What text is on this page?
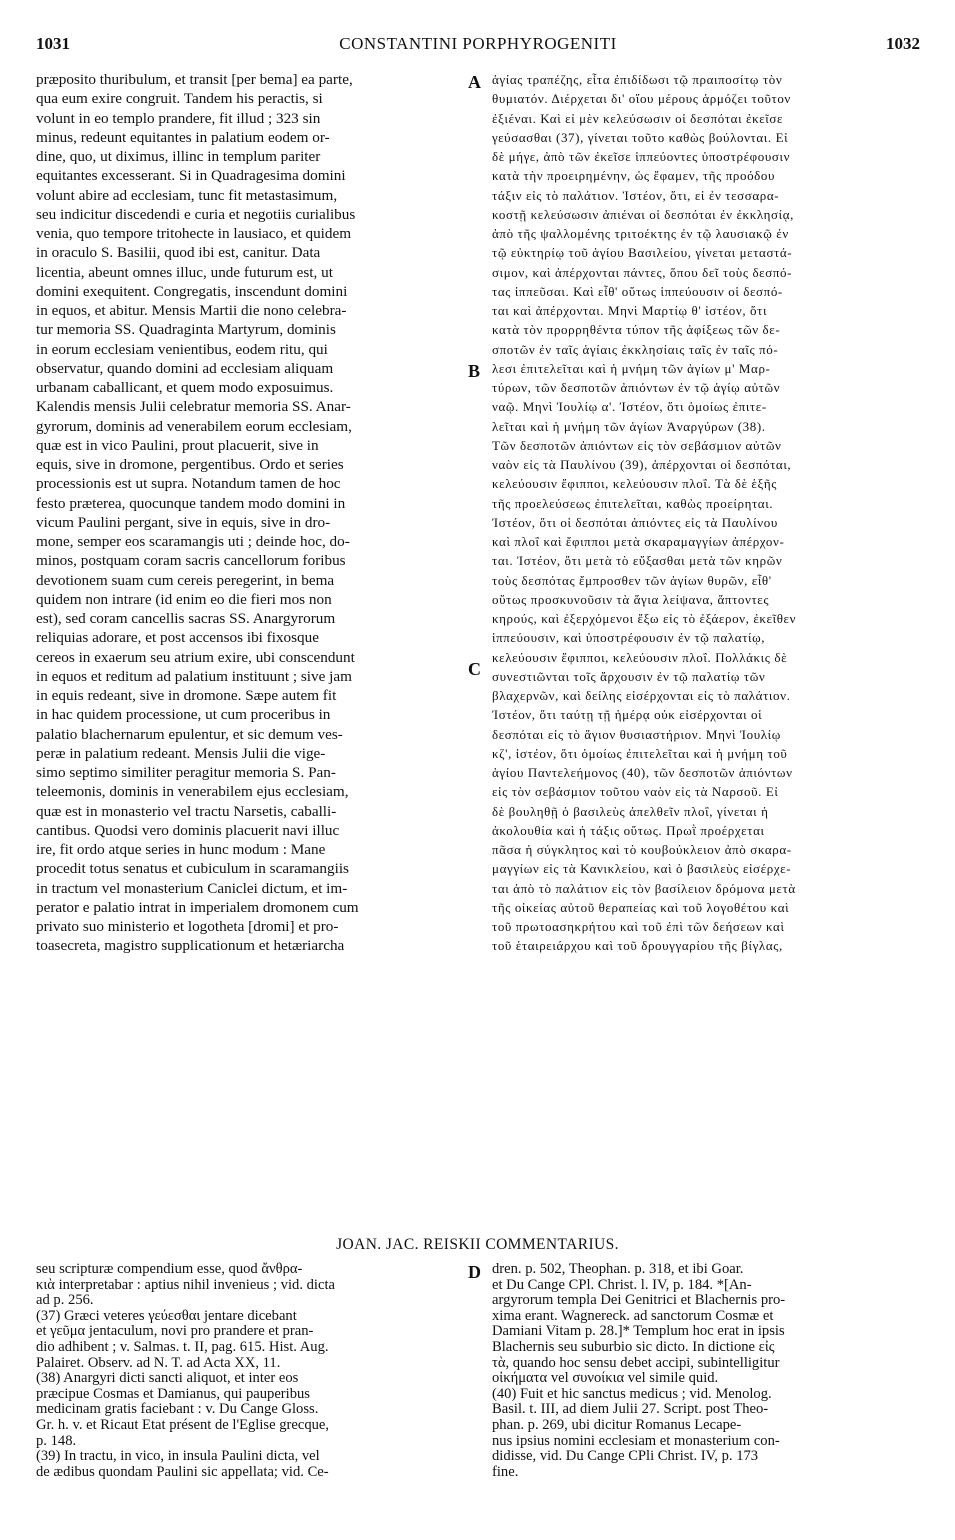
1031	CONSTANTINI PORPHYROGENITI	1032
præposito thuribulum, et transit [per bema] ea parte,
qua eum exire congruit. Tandem his peractis, si
volunt in eo templo prandere, fit illud ; 323 sin
minus, redeunt equitantes in palatium eodem or-
dine, quo, ut diximus, illinc in templum pariter
equitantes excesserant. Si in Quadragesima domini
volunt abire ad ecclesiam, tunc fit metastasimum,
seu indicitur discedendi e curia et negotiis curialibus
venia, quo tempore tritohecte in lausiaco, et quidem
in oraculo S. Basilii, quod ibi est, canitur. Data
licentia, abeunt omnes illuc, unde futurum est, ut
domini exequitent. Congregatis, inscendunt domini
in equos, et abitur. Mensis Martii die nono celebra-
tur memoria SS. Quadraginta Martyrum, dominis
in eorum ecclesiam venientibus, eodem ritu, qui
observatur, quando domini ad ecclesiam aliquam
urbanam caballicant, et quem modo exposuimus.
Kalendis mensis Julii celebratur memoria SS. Anar-
gyrorum, dominis ad venerabilem eorum ecclesiam,
quæ est in vico Paulini, prout placuerit, sive in
equis, sive in dromone, pergentibus. Ordo et series
processionis est ut supra. Notandum tamen de hoc
festo prӕterea, quocunque tandem modo domini in
vicum Paulini pergant, sive in equis, sive in dro-
mone, semper eos scaramangis uti ; deinde hoc, do-
minos, postquam coram sacris cancellorum foribus
devotionem suam cum cereis peregerint, in bema
quidem non intrare (id enim eo die fieri mos non
est), sed coram cancellis sacras SS. Anargyrorum
reliquias adorare, et post accensos ibi fixosque
cereos in exaerum seu atrium exire, ubi conscendunt
in equos et reditum ad palatium instituunt ; sive jam
in equis redeant, sive in dromone. Sæpe autem fit
in hac quidem processione, ut cum proceribus in
palatio blachernarum epulentur, et sic demum ves-
peræ in palatium redeant. Mensis Julii die vige-
simo septimo similiter peragitur memoria S. Pan-
teleemonis, dominis in venerabilem ejus ecclesiam,
quæ est in monasterio vel tractu Narsetis, caballi-
cantibus. Quodsi vero dominis placuerit navi illuc
ire, fit ordo atque series in hunc modum : Mane
procedit totus senatus et cubiculum in scaramangiis
in tractum vel monasterium Caniclei dictum, et im-
perator e palatio intrat in imperialem dromonem cum
privato suo ministerio et logotheta [dromi] et pro-
toasecreta, magistro supplicationum et hetæriarcha
A
B
C
ἁγίας τραπέζης, εἶτα ἐπιδίδωσι τῷ πραιποσίτῳ τὸν
θυμιατόν. Διέρχεται δι' οἵου μέρους ἁρμόζει τοῦτον
ἐξιέναι. Καὶ εἰ μὲν κελεύσωσιν οἱ δεσπόται ἐκεῖσε
γεύσασθαι (37), γίνεται τοῦτο καθὼς βούλονται. Εἰ
δὲ μήγε, ἀπὸ τῶν ἐκεῖσε ἱππεύοντες ὑποστρέφουσιν
κατὰ τὴν προειρημένην, ὡς ἔφαμεν, τῆς προόδου
τάξιν εἰς τὸ παλάτιον. Ἰστέον, ὅτι, εἰ ἐν τεσσαρα-
κοστῇ κελεύσωσιν ἀπιέναι οἱ δεσπόται ἐν ἐκκλησίᾳ,
ἀπὸ τῆς ψαλλομένης τριτοέκτης ἐν τῷ λαυσιακῷ ἐν
τῷ εὐκτηρίῳ τοῦ ἁγίου Βασιλείου, γίνεται μεταστά-
σιμον, καὶ ἀπέρχονται πάντες, ὅπου δεῖ τοὺς δεσπό-
τας ἱππεῦσαι. Καὶ εἶθ' οὕτως ἱππεύουσιν οἱ δεσπό-
ται καὶ ἀπέρχονται. Μηνὶ Μαρτίῳ θ' ἰστέον, ὅτι
κατὰ τὸν προρρηθέντα τύπον τῆς ἀφίξεως τῶν δε-
σποτῶν ἐν ταῖς ἁγίαις ἐκκλησίαις ταῖς ἐν ταῖς πό-
λεσι ἐπιτελεῖται καὶ ἡ μνήμη τῶν ἁγίων μ' Μαρ-
τύρων, τῶν δεσποτῶν ἀπιόντων ἐν τῷ ἁγίῳ αὐτῶν
ναῷ. Μηνὶ Ἰουλίῳ α'. Ἰστέον, ὅτι ὁμοίως ἐπιτε-
λεῖται καὶ ἡ μνήμη τῶν ἁγίων Ἀναργύρων (38).
Τῶν δεσποτῶν ἀπιόντων εἰς τὸν σεβάσμιον αὐτῶν
ναὸν εἰς τὰ Παυλίνου (39), ἀπέρχονται οἱ δεσπόται,
κελεύουσιν ἔφιπποι, κελεύουσιν πλοΐ. Τὰ δὲ ἑξῆς
τῆς προελεύσεως ἐπιτελεῖται, καθὼς προείρηται.
Ἰστέον, ὅτι οἱ δεσπόται ἀπιόντες εἰς τὰ Παυλίνου
καὶ πλοΐ καὶ ἔφιπποι μετὰ σκαραμαγγίων ἀπέρχον-
ται. Ἰστέον, ὅτι μετὰ τὸ εὔξασθαι μετὰ τῶν κηρῶν
τοὺς δεσπότας ἔμπροσθεν τῶν ἁγίων θυρῶν, εἶθ'
οὕτως προσκυνοῦσιν τὰ ἅγια λείψανα, ἅπτοντες
κηρούς, καὶ ἐξερχόμενοι ἔξω εἰς τὸ ἐξάερον, ἐκεῖθεν
ἱππεύουσιν, καὶ ὑποστρέφουσιν ἐν τῷ παλατίῳ,
κελεύουσιν ἔφιπποι, κελεύουσιν πλοΐ. Πολλάκις δὲ
συνεστιῶνται τοῖς ἄρχουσιν ἐν τῷ παλατίῳ τῶν
βλαχερνῶν, καὶ δείλης εἰσέρχονται εἰς τὸ παλάτιον.
Ἰστέον, ὅτι ταύτῃ τῇ ἡμέρᾳ οὐκ εἰσέρχονται οἱ
δεσπόται εἰς τὸ ἅγιον θυσιαστήριον. Μηνὶ Ἰουλίῳ
κζ', ἰστέον, ὅτι ὁμοίως ἐπιτελεῖται καὶ ἡ μνήμη τοῦ
ἁγίου Παντελεήμονος (40), τῶν δεσποτῶν ἀπιόντων
εἰς τὸν σεβάσμιον τοῦτου ναὸν εἰς τὰ Ναρσοῦ. Εἰ
δὲ βουληθῇ ὁ βασιλεὺς ἀπελθεῖν πλοΐ, γίνεται ἡ
ἀκολουθία καὶ ἡ τάξις οὕτως. Πρωῒ προέρχεται
πᾶσα ἡ σύγκλητος καὶ τὸ κουβούκλειον ἀπὸ σκαρα-
μαγγίων εἰς τὰ Κανικλείου, καὶ ὁ βασιλεὺς εἰσέρχε-
ται ἀπὸ τὸ παλάτιον εἰς τὸν βασίλειον δρόμονα μετὰ
τῆς οἰκείας αὐτοῦ θεραπείας καὶ τοῦ λογοθέτου καὶ
τοῦ πρωτοασηκρήτου καὶ τοῦ ἐπὶ τῶν δεήσεων καὶ
τοῦ ἑταιρειάρχου καὶ τοῦ δρουγγαρίου τῆς βίγλας,
JOAN. JAC. REISKII COMMENTARIUS.
seu scripturæ compendium esse, quod ἄνθρα-
κιὰ interpretabar : aptius nihil invenieus ; vid. dicta
ad p. 256.
(37) Græci veteres γεύεσθαι jentare dicebant
et γεῦμα jentaculum, novi pro prandere et pran-
dio adhibent ; v. Salmas. t. II, pag. 615. Hist. Aug.
Palairet. Observ. ad N. T. ad Acta XX, 11.
(38) Anargyri dicti sancti aliquot, et inter eos
præcipue Cosmas et Damianus, qui pauperibus
medicinam gratis faciebant : v. Du Cange Gloss.
Gr. h. v. et Ricaut Etat présent de l'Eglise grecque,
p. 148.
(39) In tractu, in vico, in insula Paulini dicta, vel
de ædibus quondam Paulini sic appellata; vid. Ce-
D dren. p. 502, Theophan. p. 318, et ibi Goar.
et Du Cange CPl. Christ. l. IV, p. 184. *[An-
argyrorum templa Dei Genitrici et Blachernis pro-
xima erant. Wagnereck. ad sanctorum Cosmæ et
Damiani Vitam p. 28.]* Templum hoc erat in ipsis
Blachernis seu suburbio sic dicto. In dictione εἰς
τὰ, quando hoc sensu debet accipi, subintelligitur
οἰκήματα vel συνοίκια vel simile quid.
(40) Fuit et hic sanctus medicus ; vid. Menolog.
Basil. t. III, ad diem Julii 27. Script. post Theo-
phan. p. 269, ubi dicitur Romanus Lecape-
nus ipsius nomini ecclesiam et monasterium con-
didisse, vid. Du Cange CPli Christ. IV, p. 173
fine.
